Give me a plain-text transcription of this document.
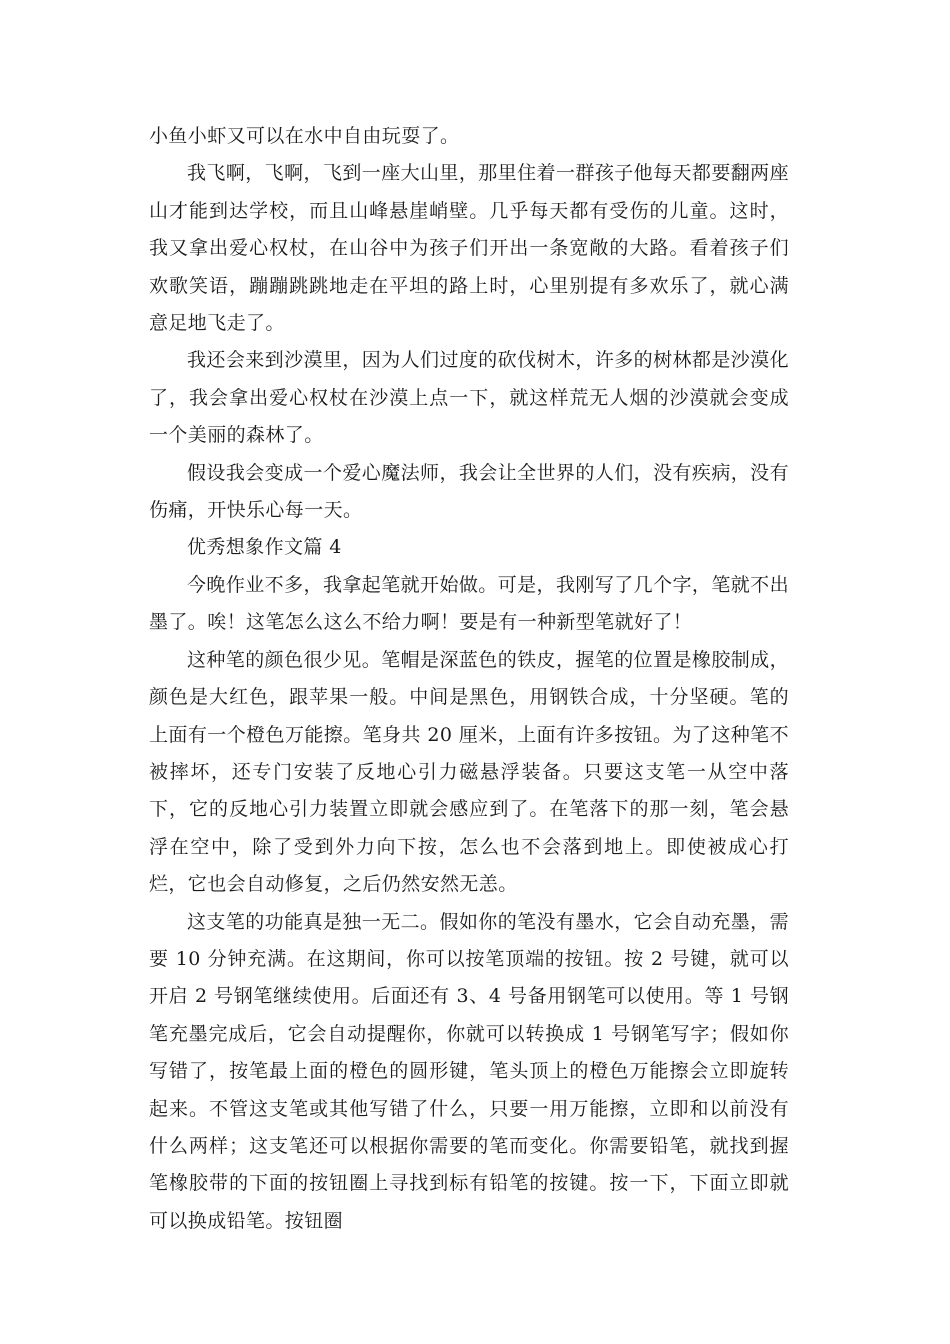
小鱼小虾又可以在水中自由玩耍了。

我飞啊，飞啊，飞到一座大山里，那里住着一群孩子他每天都要翻两座山才能到达学校，而且山峰悬崖峭壁。几乎每天都有受伤的儿童。这时，我又拿出爱心权杖，在山谷中为孩子们开出一条宽敞的大路。看着孩子们欢歌笑语，蹦蹦跳跳地走在平坦的路上时，心里别提有多欢乐了，就心满意足地飞走了。

我还会来到沙漠里，因为人们过度的砍伐树木，许多的树林都是沙漠化了，我会拿出爱心权杖在沙漠上点一下，就这样荒无人烟的沙漠就会变成一个美丽的森林了。

假设我会变成一个爱心魔法师，我会让全世界的人们，没有疾病，没有伤痛，开快乐心每一天。

优秀想象作文篇 4

今晚作业不多，我拿起笔就开始做。可是，我刚写了几个字，笔就不出墨了。唉！这笔怎么这么不给力啊！要是有一种新型笔就好了！

这种笔的颜色很少见。笔帽是深蓝色的铁皮，握笔的位置是橡胶制成，颜色是大红色，跟苹果一般。中间是黑色，用钢铁合成，十分坚硬。笔的上面有一个橙色万能擦。笔身共 20 厘米，上面有许多按钮。为了这种笔不被摔坏，还专门安装了反地心引力磁悬浮装备。只要这支笔一从空中落下，它的反地心引力装置立即就会感应到了。在笔落下的那一刻，笔会悬浮在空中，除了受到外力向下按，怎么也不会落到地上。即使被成心打烂，它也会自动修复，之后仍然安然无恙。

这支笔的功能真是独一无二。假如你的笔没有墨水，它会自动充墨，需要 10 分钟充满。在这期间，你可以按笔顶端的按钮。按 2 号键，就可以开启 2 号钢笔继续使用。后面还有 3、4 号备用钢笔可以使用。等 1 号钢笔充墨完成后，它会自动提醒你，你就可以转换成 1 号钢笔写字；假如你写错了，按笔最上面的橙色的圆形键，笔头顶上的橙色万能擦会立即旋转起来。不管这支笔或其他写错了什么，只要一用万能擦，立即和以前没有什么两样；这支笔还可以根据你需要的笔而变化。你需要铅笔，就找到握笔橡胶带的下面的按钮圈上寻找到标有铅笔的按键。按一下，下面立即就可以换成铅笔。按钮圈
